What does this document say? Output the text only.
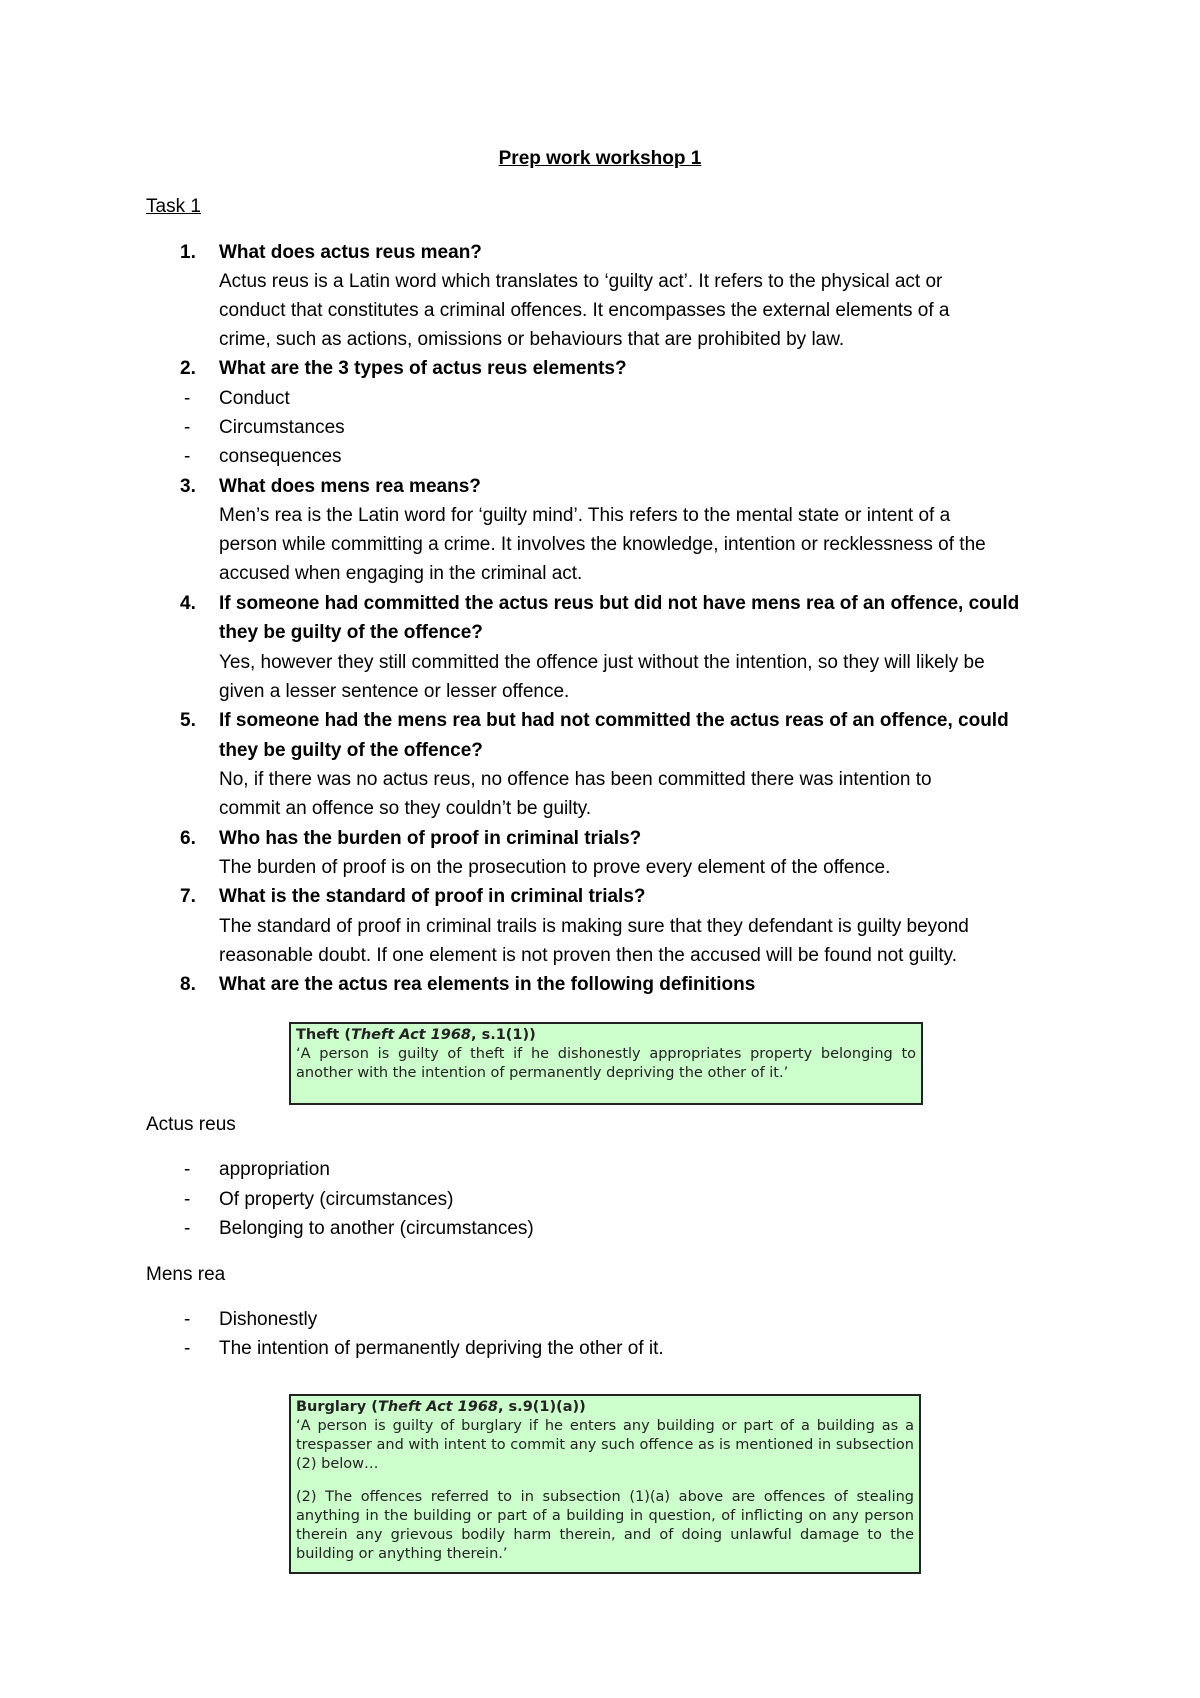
Prep work workshop 1
Task 1
1.	What does actus reus mean?
Actus reus is a Latin word which translates to ‘guilty act’. It refers to the physical act or
conduct that constitutes a criminal offences. It encompasses the external elements of a
crime, such as actions, omissions or behaviours that are prohibited by law.
2.	What are the 3 types of actus reus elements?
- Conduct
- Circumstances
- consequences
3.	What does mens rea means?
Men’s rea is the Latin word for ‘guilty mind’. This refers to the mental state or intent of a
person while committing a crime. It involves the knowledge, intention or recklessness of the
accused when engaging in the criminal act.
4.	If someone had committed the actus reus but did not have mens rea of an offence, could
they be guilty of the offence?
Yes, however they still committed the offence just without the intention, so they will likely be
given a lesser sentence or lesser offence.
5.	If someone had the mens rea but had not committed the actus reas of an offence, could
they be guilty of the offence?
No, if there was no actus reus, no offence has been committed there was intention to
commit an offence so they couldn’t be guilty.
6.	Who has the burden of proof in criminal trials?
The burden of proof is on the prosecution to prove every element of the offence.
7.	What is the standard of proof in criminal trials?
The standard of proof in criminal trails is making sure that they defendant is guilty beyond
reasonable doubt. If one element is not proven then the accused will be found not guilty.
8.	What are the actus rea elements in the following definitions
Theft (Theft Act 1968, s.1(1))
‘A person is guilty of theft if he dishonestly appropriates property belonging to another with the intention of permanently depriving the other of it.’
Actus reus
- appropriation
- Of property (circumstances)
- Belonging to another (circumstances)
Mens rea
- Dishonestly
- The intention of permanently depriving the other of it.
Burglary (Theft Act 1968, s.9(1)(a))
‘A person is guilty of burglary if he enters any building or part of a building as a trespasser and with intent to commit any such offence as is mentioned in subsection (2) below…
(2) The offences referred to in subsection (1)(a) above are offences of stealing anything in the building or part of a building in question, of inflicting on any person therein any grievous bodily harm therein, and of doing unlawful damage to the building or anything therein.’
